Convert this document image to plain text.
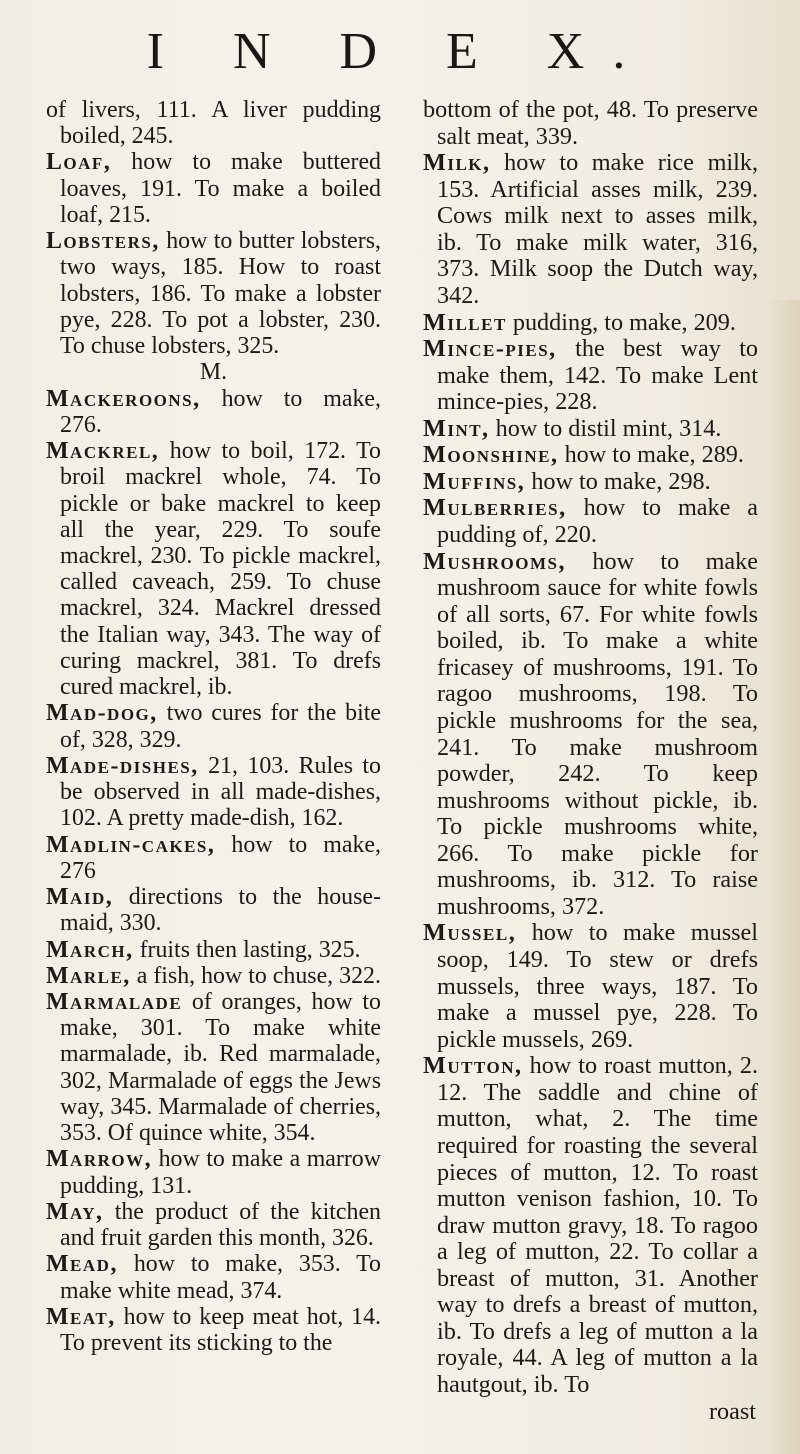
I N D E X.

of livers, 111. A liver pudding boiled, 245.

Loaf, how to make buttered loaves, 191. To make a boiled loaf, 215.

Lobsters, how to butter lobsters, two ways, 185. How to roast lobsters, 186. To make a lobster pye, 228. To pot a lobster, 230. To chuse lobsters, 325.

M.

Mackeroons, how to make, 276.

Mackrel, how to boil, 172. To broil mackrel whole, 74. To pickle or bake mackrel to keep all the year, 229. To soufe mackrel, 230. To pickle mackrel, called caveach, 259. To chuse mackrel, 324. Mackrel dressed the Italian way, 343. The way of curing mackrel, 381. To drefs cured mackrel, ib.

Mad-dog, two cures for the bite of, 328, 329.

Made-dishes, 21, 103. Rules to be observed in all made-dishes, 102. A pretty made-dish, 162.

Madlin-cakes, how to make, 276

Maid, directions to the house-maid, 330.

March, fruits then lasting, 325.

Marle, a fish, how to chuse, 322.

Marmalade of oranges, how to make, 301. To make white marmalade, ib. Red marmalade, 302, Marmalade of eggs the Jews way, 345. Marmalade of cherries, 353. Of quince white, 354.

Marrow, how to make a marrow pudding, 131.

May, the product of the kitchen and fruit garden this month, 326.

Mead, how to make, 353. To make white mead, 374.

Meat, how to keep meat hot, 14. To prevent its sticking to the

bottom of the pot, 48. To preserve salt meat, 339.

Milk, how to make rice milk, 153. Artificial asses milk, 239. Cows milk next to asses milk, ib. To make milk water, 316, 373. Milk soop the Dutch way, 342.

Millet pudding, to make, 209.

Mince-pies, the best way to make them, 142. To make Lent mince-pies, 228.

Mint, how to distil mint, 314.

Moonshine, how to make, 289.

Muffins, how to make, 298.

Mulberries, how to make a pudding of, 220.

Mushrooms, how to make mushroom sauce for white fowls of all sorts, 67. For white fowls boiled, ib. To make a white fricasey of mushrooms, 191. To ragoo mushrooms, 198. To pickle mushrooms for the sea, 241. To make mushroom powder, 242. To keep mushrooms without pickle, ib. To pickle mushrooms white, 266. To make pickle for mushrooms, ib. 312. To raise mushrooms, 372.

Mussel, how to make mussel soop, 149. To stew or drefs mussels, three ways, 187. To make a mussel pye, 228. To pickle mussels, 269.

Mutton, how to roast mutton, 2. 12. The saddle and chine of mutton, what, 2. The time required for roasting the several pieces of mutton, 12. To roast mutton venison fashion, 10. To draw mutton gravy, 18. To ragoo a leg of mutton, 22. To collar a breast of mutton, 31. Another way to drefs a breast of mutton, ib. To drefs a leg of mutton a la royale, 44. A leg of mutton a la hautgout, ib. To

roast
